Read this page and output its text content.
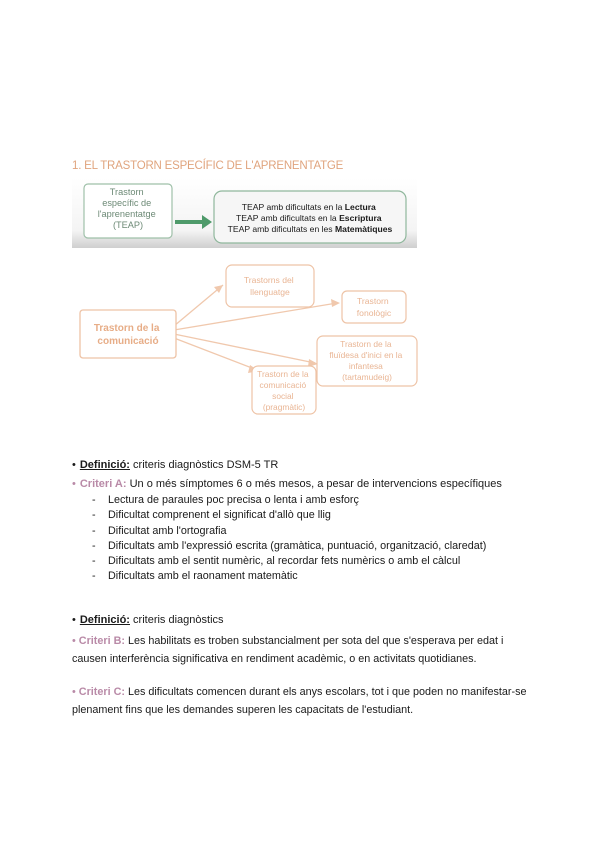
1. EL TRASTORN ESPECÍFIC DE L'APRENENTATGE
Trastorn específic de l'aprenentatge (TEAP)
TEAP amb dificultats en la Lectura TEAP amb dificultats en la Escriptura TEAP amb dificultats en les Matemàtiques
Trastorn de la comunicació
Trastorns del llenguatge
Trastorn fonològic
Trastorn de la fluïdesa d'inici en la infantesa (tartamudeig)
Trastorn de la comunicació social (pragmàtic)
• Definició: criteris diagnòstics DSM-5 TR
• Criteri A: Un o més símptomes 6 o més mesos, a pesar de intervencions específiques
-	Lectura de paraules poc precisa o lenta i amb esforç
-	Dificultat comprenent el significat d'allò que llig
-	Dificultat amb l'ortografia
-	Dificultats amb l'expressió escrita (gramàtica, puntuació, organització, claredat)
-	Dificultats amb el sentit numèric, al recordar fets numèrics o amb el càlcul
-	Dificultats amb el raonament matemàtic
• Definició: criteris diagnòstics
• Criteri B: Les habilitats es troben substancialment per sota del que s'esperava per edat i causen interferència significativa en rendiment acadèmic, o en activitats quotidianes.
• Criteri C: Les dificultats comencen durant els anys escolars, tot i que poden no manifestar-se plenament fins que les demandes superen les capacitats de l'estudiant.
